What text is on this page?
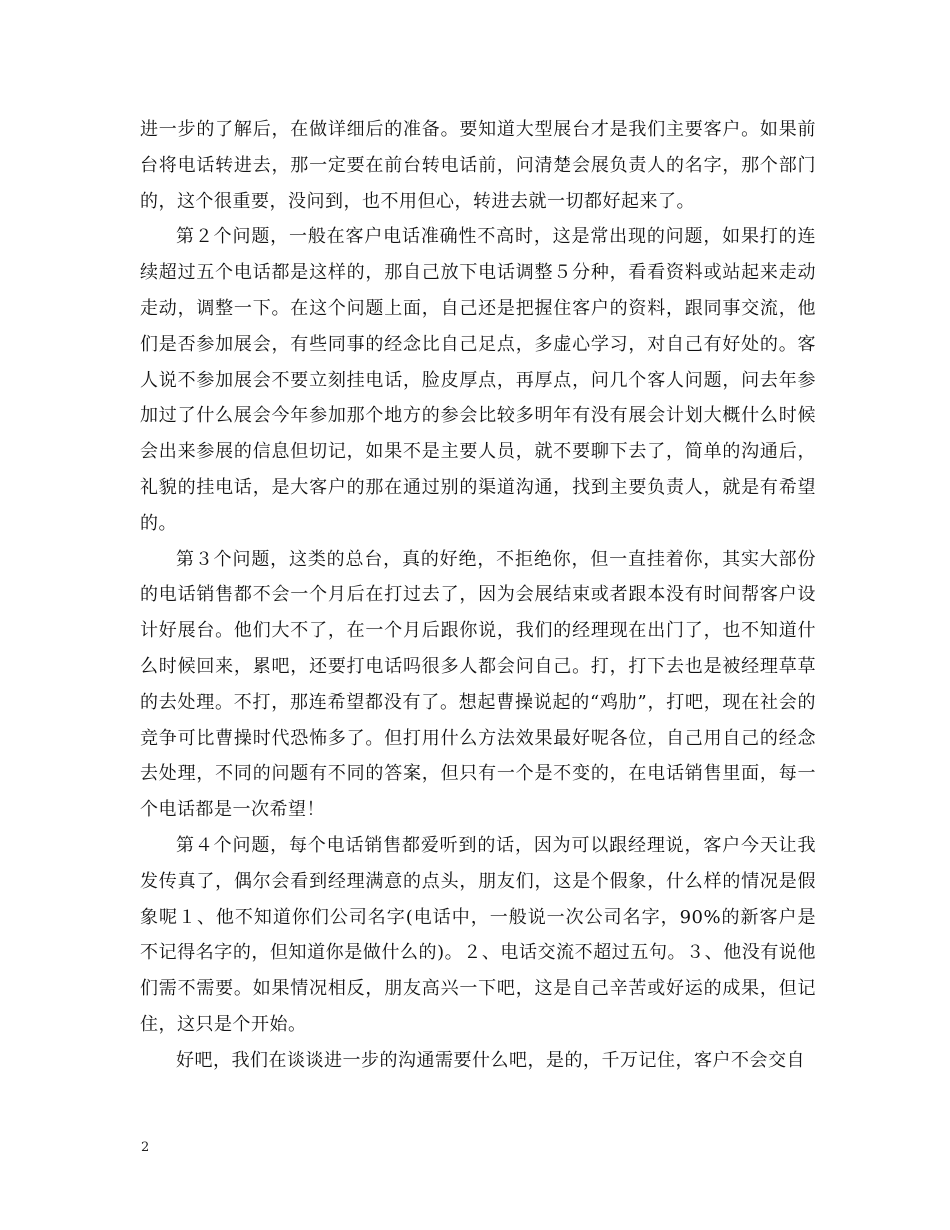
进一步的了解后，在做详细后的准备。要知道大型展台才是我们主要客户。如果前台将电话转进去，那一定要在前台转电话前，问清楚会展负责人的名字，那个部门的，这个很重要，没问到，也不用但心，转进去就一切都好起来了。

第２个问题，一般在客户电话准确性不高时，这是常出现的问题，如果打的连续超过五个电话都是这样的，那自己放下电话调整５分种，看看资料或站起来走动走动，调整一下。在这个问题上面，自己还是把握住客户的资料，跟同事交流，他们是否参加展会，有些同事的经念比自己足点，多虚心学习，对自己有好处的。客人说不参加展会不要立刻挂电话，脸皮厚点，再厚点，问几个客人问题，问去年参加过了什么展会今年参加那个地方的参会比较多明年有没有展会计划大概什么时候会出来参展的信息但切记，如果不是主要人员，就不要聊下去了，简单的沟通后，礼貌的挂电话，是大客户的那在通过别的渠道沟通，找到主要负责人，就是有希望的。

第３个问题，这类的总台，真的好绝，不拒绝你，但一直挂着你，其实大部份的电话销售都不会一个月后在打过去了，因为会展结束或者跟本没有时间帮客户设计好展台。他们大不了，在一个月后跟你说，我们的经理现在出门了，也不知道什么时候回来，累吧，还要打电话吗很多人都会问自己。打，打下去也是被经理草草的去处理。不打，那连希望都没有了。想起曹操说起的“鸡肋”，打吧，现在社会的竞争可比曹操时代恐怖多了。但打用什么方法效果最好呢各位，自己用自己的经念去处理，不同的问题有不同的答案，但只有一个是不变的，在电话销售里面，每一个电话都是一次希望！

第４个问题，每个电话销售都爱听到的话，因为可以跟经理说，客户今天让我发传真了，偶尔会看到经理满意的点头，朋友们，这是个假象，什么样的情况是假象呢１、他不知道你们公司名字(电话中，一般说一次公司名字，90%的新客户是不记得名字的，但知道你是做什么的)。２、电话交流不超过五句。３、他没有说他们需不需要。如果情况相反，朋友高兴一下吧，这是自己辛苦或好运的成果，但记住，这只是个开始。

好吧，我们在谈谈进一步的沟通需要什么吧，是的，千万记住，客户不会交自

2
